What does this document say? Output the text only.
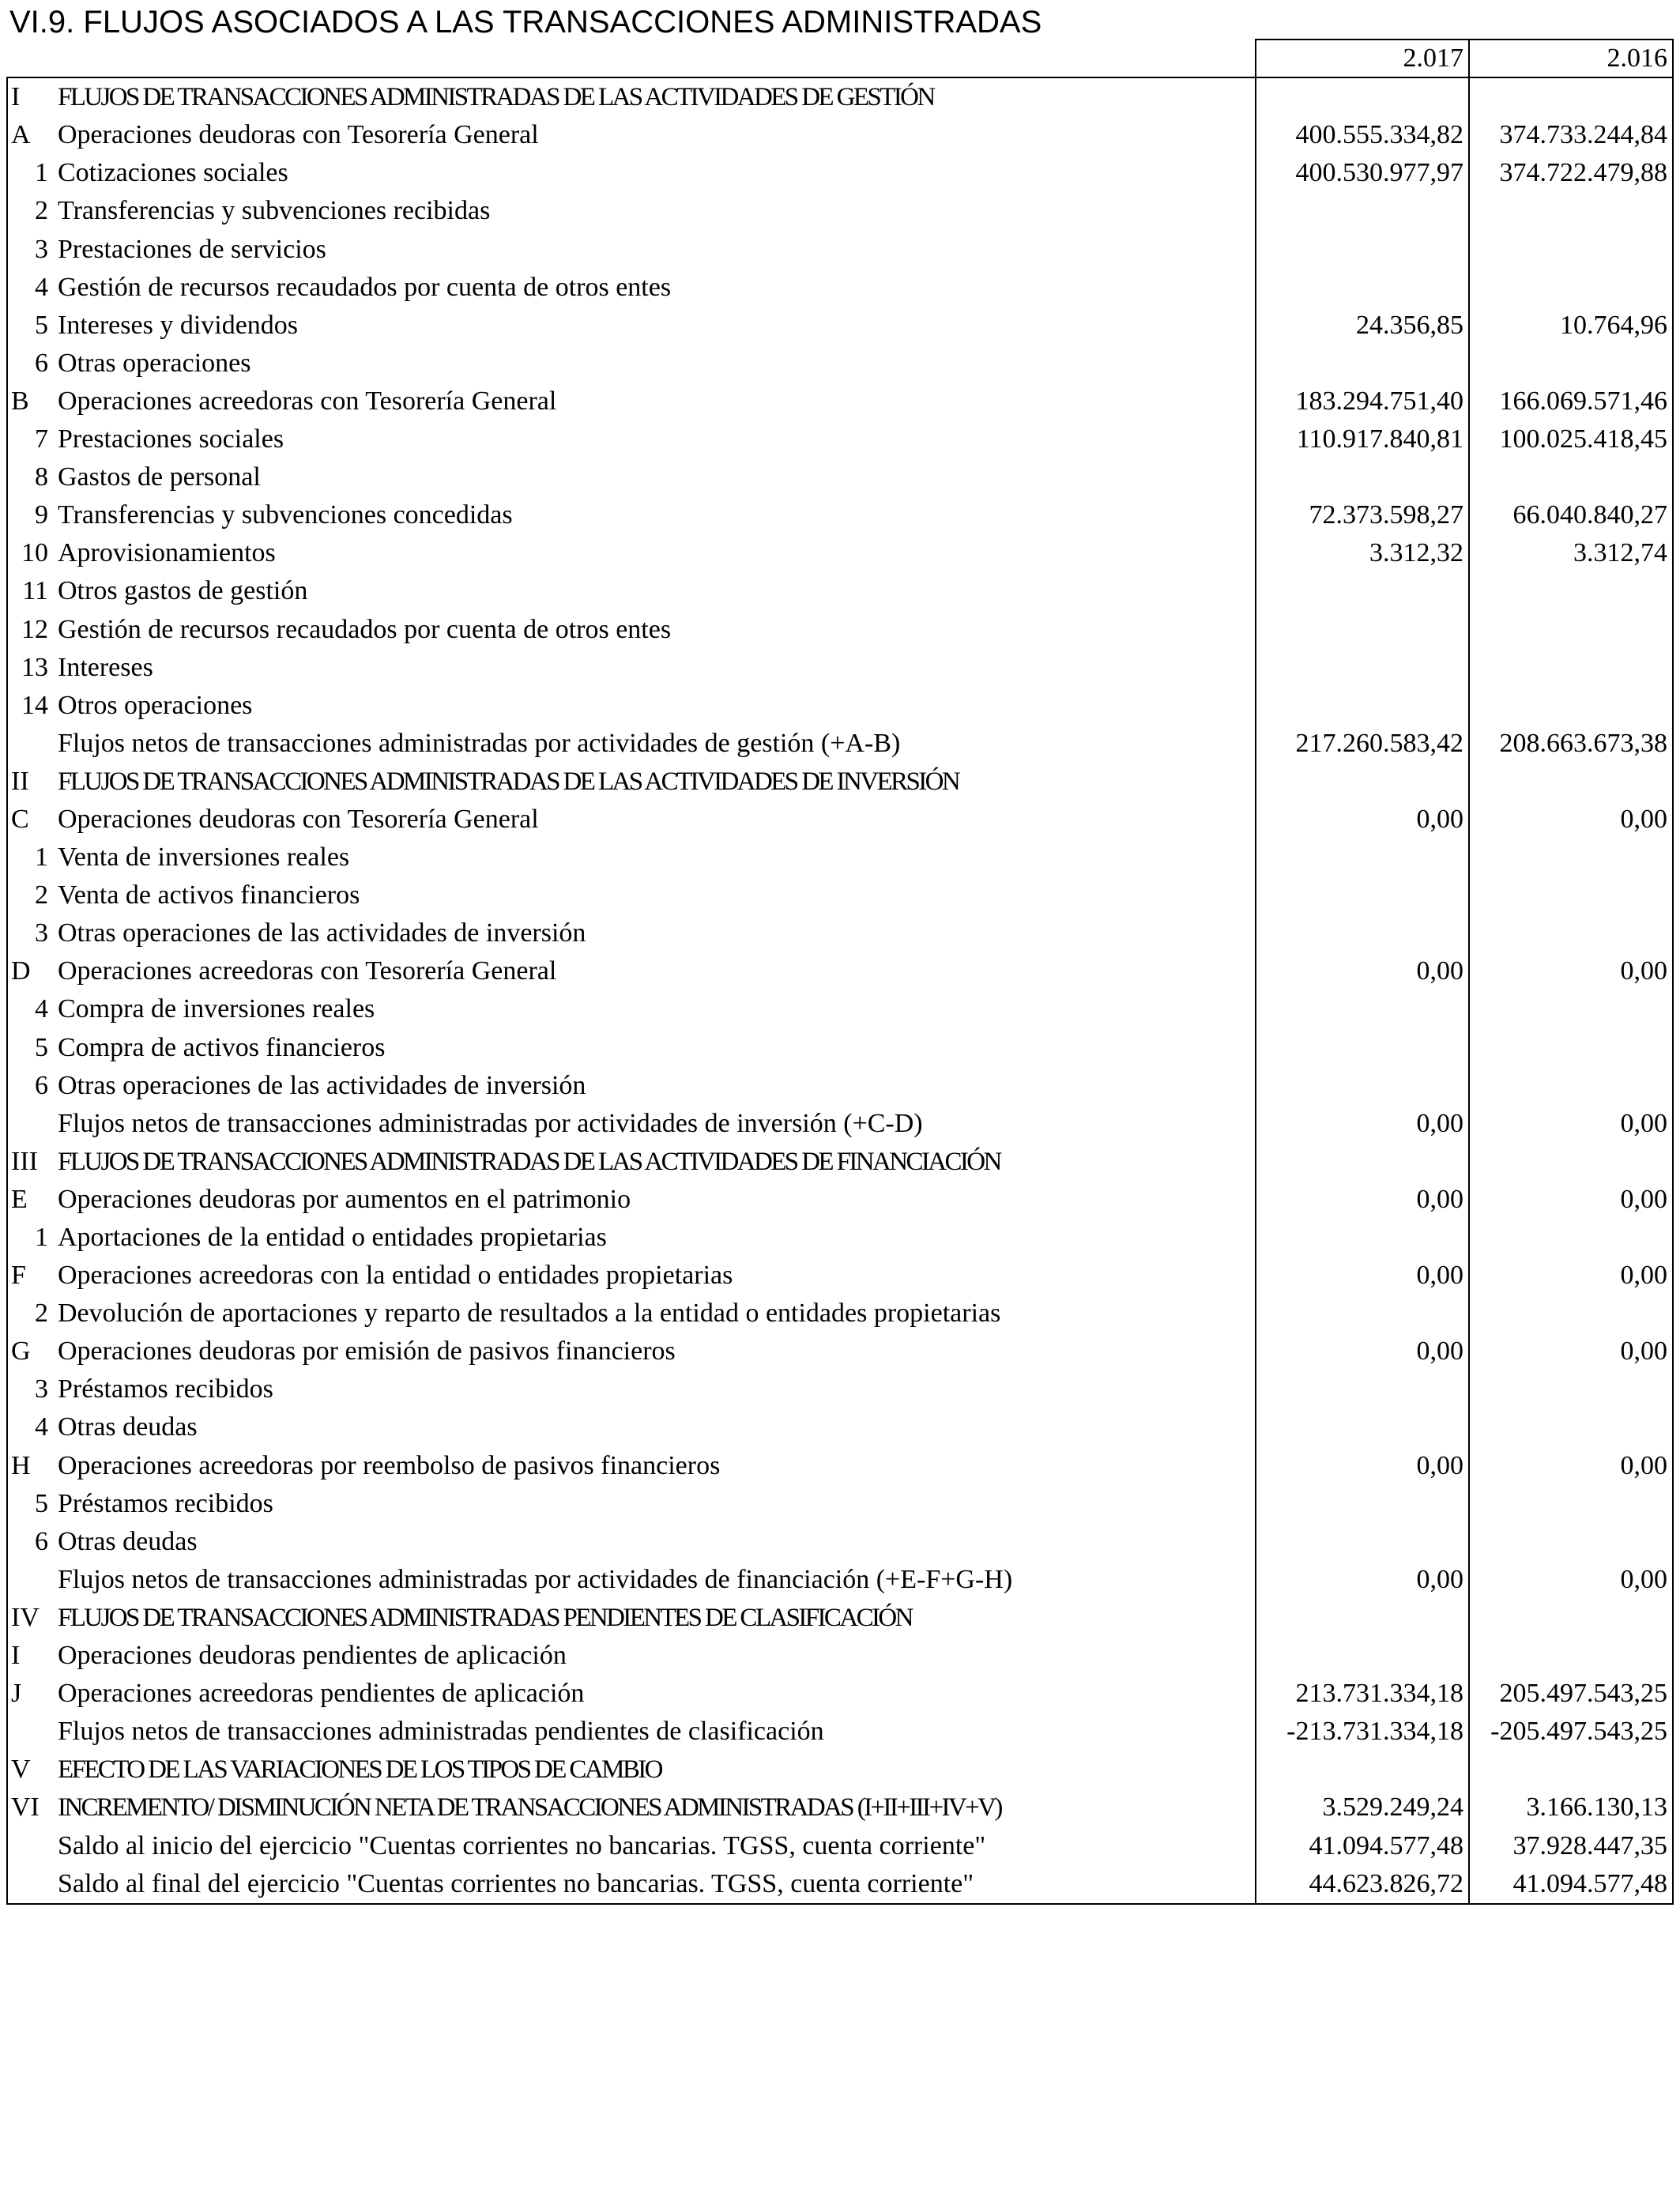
VI.9. FLUJOS ASOCIADOS A LAS TRANSACCIONES ADMINISTRADAS
		2.017	2.016
I	FLUJOS DE TRANSACCIONES ADMINISTRADAS DE LAS ACTIVIDADES DE GESTIÓN		
A	Operaciones deudoras con Tesorería General	400.555.334,82	374.733.244,84
1	Cotizaciones sociales	400.530.977,97	374.722.479,88
2	Transferencias y subvenciones recibidas		
3	Prestaciones de servicios		
4	Gestión de recursos recaudados por cuenta de otros entes		
5	Intereses y dividendos	24.356,85	10.764,96
6	Otras operaciones		
B	Operaciones acreedoras con Tesorería General	183.294.751,40	166.069.571,46
7	Prestaciones sociales	110.917.840,81	100.025.418,45
8	Gastos de personal		
9	Transferencias y subvenciones concedidas	72.373.598,27	66.040.840,27
10	Aprovisionamientos	3.312,32	3.312,74
11	Otros gastos de gestión		
12	Gestión de recursos recaudados por cuenta de otros entes		
13	Intereses		
14	Otros operaciones		
	Flujos netos de transacciones administradas por actividades de gestión (+A-B)	217.260.583,42	208.663.673,38
II	FLUJOS DE TRANSACCIONES ADMINISTRADAS DE LAS ACTIVIDADES DE INVERSIÓN		
C	Operaciones deudoras con Tesorería General	0,00	0,00
1	Venta de inversiones reales		
2	Venta de activos financieros		
3	Otras operaciones de las actividades de inversión		
D	Operaciones acreedoras con Tesorería General	0,00	0,00
4	Compra de inversiones reales		
5	Compra de activos financieros		
6	Otras operaciones de las actividades de inversión		
	Flujos netos de transacciones administradas por actividades de inversión (+C-D)	0,00	0,00
III	FLUJOS DE TRANSACCIONES ADMINISTRADAS DE LAS ACTIVIDADES DE FINANCIACIÓN		
E	Operaciones deudoras por aumentos en el patrimonio	0,00	0,00
1	Aportaciones de la entidad o entidades propietarias		
F	Operaciones acreedoras con la entidad o entidades propietarias	0,00	0,00
2	Devolución de aportaciones y reparto de resultados a la entidad o entidades propietarias		
G	Operaciones deudoras por emisión de pasivos financieros	0,00	0,00
3	Préstamos recibidos		
4	Otras deudas		
H	Operaciones acreedoras por reembolso de pasivos financieros	0,00	0,00
5	Préstamos recibidos		
6	Otras deudas		
	Flujos netos de transacciones administradas por actividades de financiación (+E-F+G-H)	0,00	0,00
IV	FLUJOS DE TRANSACCIONES ADMINISTRADAS PENDIENTES DE CLASIFICACIÓN		
I	Operaciones deudoras pendientes de aplicación		
J	Operaciones acreedoras pendientes de aplicación	213.731.334,18	205.497.543,25
	Flujos netos de transacciones administradas pendientes de clasificación	-213.731.334,18	-205.497.543,25
V	EFECTO DE LAS VARIACIONES DE LOS TIPOS DE CAMBIO		
VI	INCREMENTO/ DISMINUCIÓN NETA DE TRANSACCIONES ADMINISTRADAS (I+II+III+IV+V)	3.529.249,24	3.166.130,13
	Saldo al inicio del ejercicio "Cuentas corrientes no bancarias. TGSS, cuenta corriente"	41.094.577,48	37.928.447,35
	Saldo al final del ejercicio "Cuentas corrientes no bancarias. TGSS, cuenta corriente"	44.623.826,72	41.094.577,48
